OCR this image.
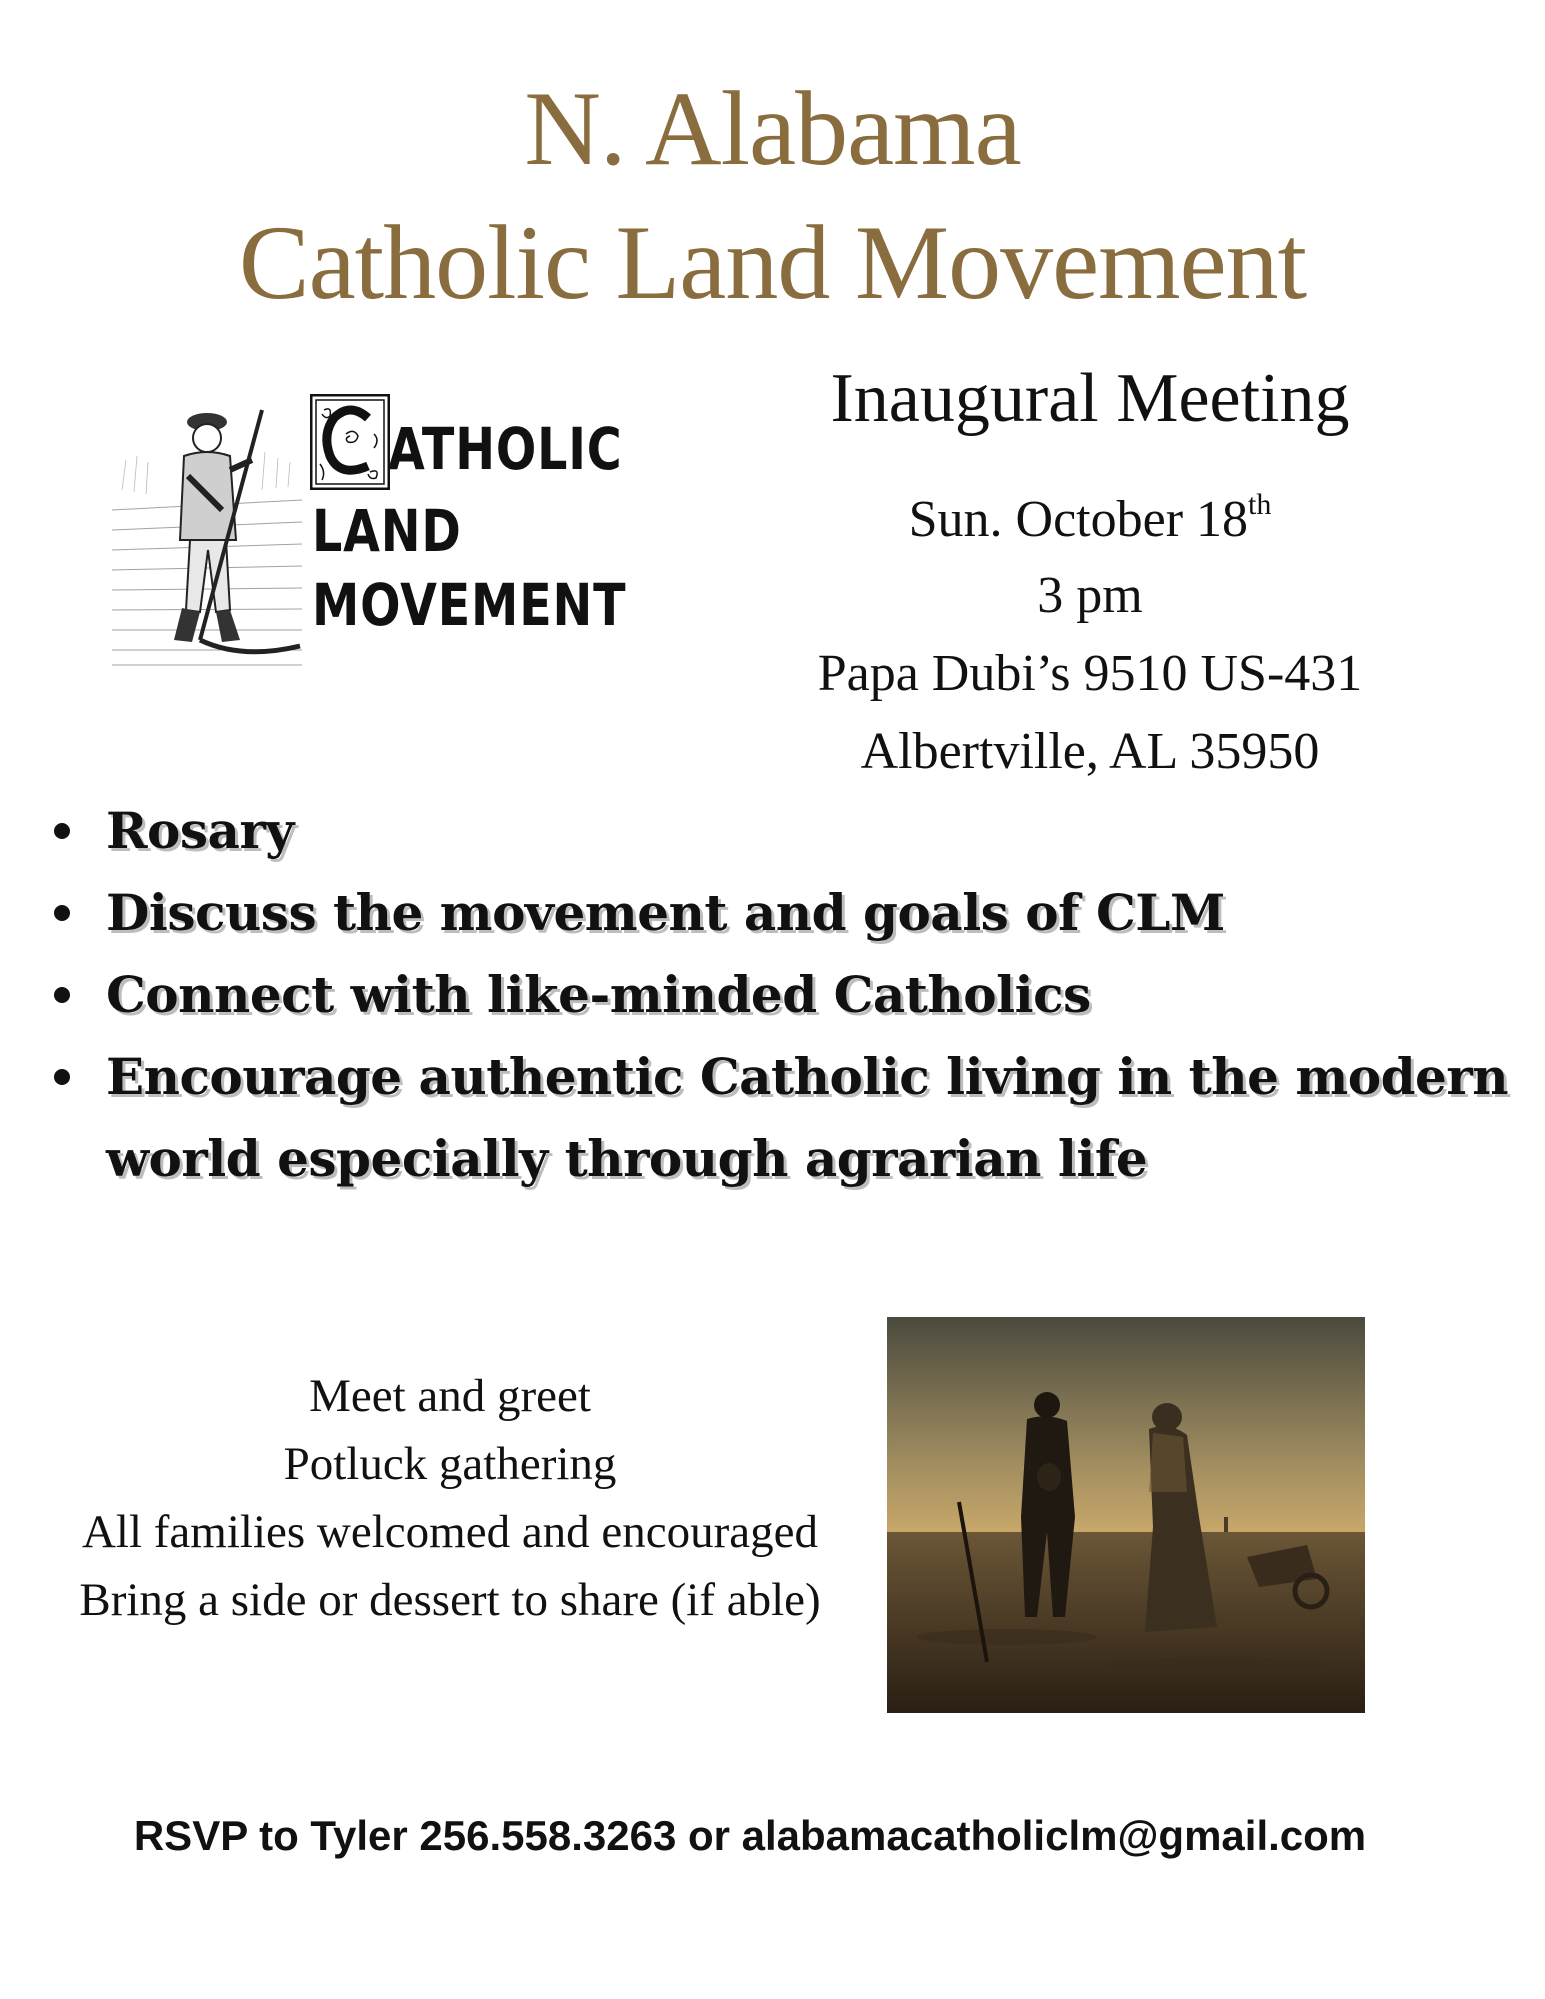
N. Alabama
Catholic Land Movement
ATHOLIC
LAND
MOVEMENT
Inaugural Meeting
Sun. October 18th
3 pm
Papa Dubi’s 9510 US-431
Albertville, AL 35950
Rosary
Discuss the movement and goals of CLM
Connect with like-minded Catholics
Encourage authentic Catholic living in the modern world especially through agrarian life
Meet and greet
Potluck gathering
All families welcomed and encouraged
Bring a side or dessert to share (if able)
RSVP to Tyler 256.558.3263 or alabamacatholiclm@gmail.com
